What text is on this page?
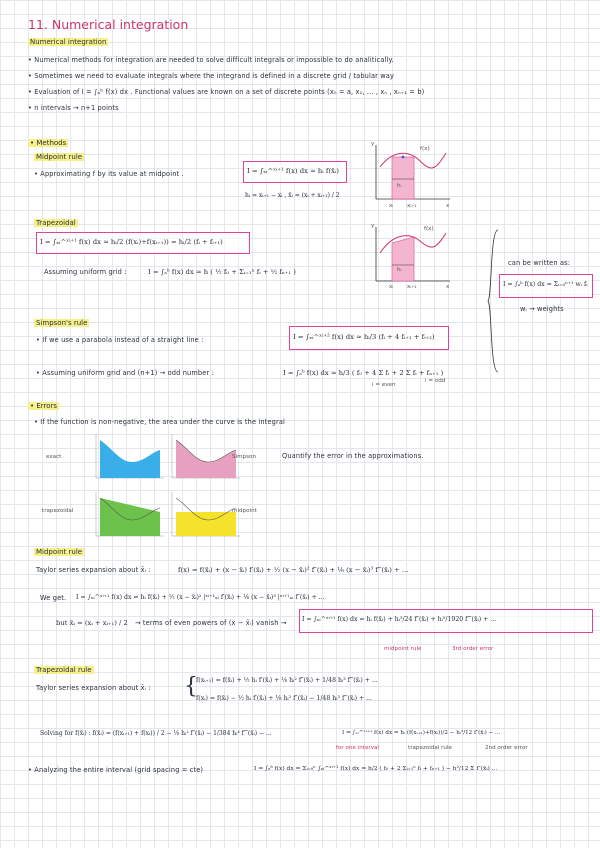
11. Numerical integration
Numerical integration
• Numerical methods for integration are needed to solve difficult integrals or impossible to do analitically.
• Sometimes we need to evaluate integrals where the integrand is defined in a discrete grid / tabular way
• Evaluation of I = ∫ₐᵇ f(x) dx . Functional values are known on a set of discrete points (x₀ = a, x₁, ... , xₙ , xₙ₊₁ = b)
• n intervals → n+1 points
• Methods
Midpoint rule
• Approximating f by its value at midpoint .	I = ∫ₓᵢ^ˣⁱ⁺¹ f(x) dx ≈ hᵢ f(x̄ᵢ)
hᵢ = xᵢ₊₁ − xᵢ , x̄ᵢ = (xᵢ + xᵢ₊₁) / 2
y
f(x)
hᵢ
xᵢ xᵢ₊₁	x
Trapezoidal
I = ∫ₓᵢ^ˣⁱ⁺¹ f(x) dx ≈ hᵢ/2 (f(xᵢ)+f(xᵢ₊₁)) = hᵢ/2 (fᵢ + fᵢ₊₁)
Assuming uniform grid :	I = ∫ₐᵇ f(x) dx ≈ h ( ½ f₀ + Σᵢ₌₁ⁿ fᵢ + ½ fₙ₊₁ )
y	f(x)
hᵢ
xᵢ xᵢ₊₁	x
can be written as:
I = ∫ₐᵇ f(x) dx = Σᵢ₌₀ⁿ⁺¹ wᵢ fᵢ
wᵢ → weights
Simpson's rule
• If we use a parabola instead of a straight line :	I = ∫ₓᵢ^ˣⁱ⁺² f(x) dx ≈ hᵢ/3 (fᵢ + 4 fᵢ₊₁ + fᵢ₊₂)
• Assuming uniform grid and (n+1) → odd number :	I = ∫ₐᵇ f(x) dx ≈ h/3 ( f₀ + 4 Σ fᵢ + 2 Σ fᵢ + fₙ₊₁ )
i = even
i = odd
• Errors
• If the function is non-negative, the area under the curve is the integral
Quantify the error in the approximations.
exact	Simpson
trapezoidal	midpoint
Midpoint rule
Taylor series expansion about x̄ᵢ :	f(x) = f(x̄ᵢ) + (x − x̄ᵢ) f′(x̄ᵢ) + ½ (x − x̄ᵢ)² f″(x̄ᵢ) + ⅙ (x − x̄ᵢ)³ f‴(x̄ᵢ) + ...
We get. I = ∫ₓᵢ^ˣⁱ⁺¹ f(x) dx = hᵢ f(x̄ᵢ) + ½ (x − x̄ᵢ)² |ˣⁱ⁺¹ₓᵢ f′(x̄ᵢ) + ⅙ (x − x̄ᵢ)³ |ˣⁱ⁺¹ₓᵢ f″(x̄ᵢ) + ...
but x̄ᵢ = (xᵢ + xᵢ₊₁) / 2 → terms of even powers of (x − x̄ᵢ) vanish →	I = ∫ₓᵢ^ˣⁱ⁺¹ f(x) dx = hᵢ f(x̄ᵢ) + hᵢ³/24 f″(x̄ᵢ) + hᵢ⁵/1920 f⁗(x̄ᵢ) + ...
midpoint rule	3rd order error
Trapezoidal rule
Taylor series expansion about x̄ᵢ : {
f(xᵢ₊₁) = f(x̄ᵢ) + ½ hᵢ f′(x̄ᵢ) + ⅛ hᵢ² f″(x̄ᵢ) + 1/48 hᵢ³ f‴(x̄ᵢ) + ...
f(xᵢ) = f(x̄ᵢ) − ½ hᵢ f′(x̄ᵢ) + ⅛ hᵢ² f″(x̄ᵢ) − 1/48 hᵢ³ f‴(x̄ᵢ) + ...
Solving for f(x̄ᵢ) : f(x̄ᵢ) = (f(xᵢ₊₁) + f(xᵢ)) / 2 − ⅛ hᵢ² f″(x̄ᵢ) − 1/384 hᵢ⁴ f⁗(x̄ᵢ) − ...	I = ∫ₓᵢ^ˣⁱ⁺¹ f(x) dx = hᵢ (f(xᵢ₊₁)+f(xᵢ))/2 − hᵢ³/12 f″(x̄ᵢ) − ...
for one interval	trapezoidal rule	2nd order error
• Analyzing the entire interval (grid spacing = cte)	I = ∫ₐᵇ f(x) dx = Σᵢ₌₀ⁿ ∫ₓᵢ^ˣⁱ⁺¹ f(x) dx = h/2 ( f₀ + 2 Σᵢ₌₁ⁿ fᵢ + fₙ₊₁ ) − h²/12 Σ f″(x̄ᵢ) ...
